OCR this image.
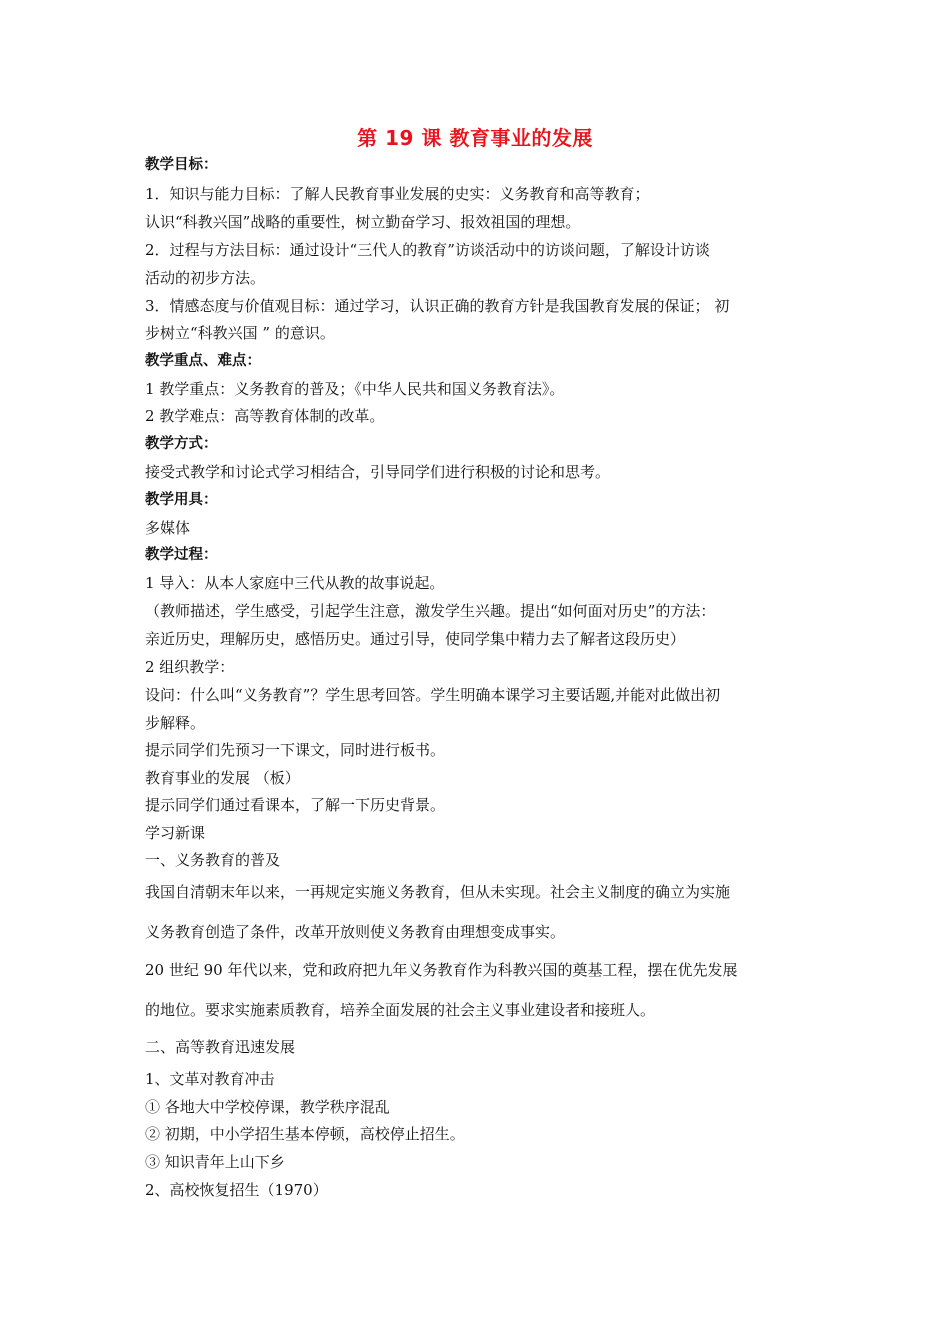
第 19 课 教育事业的发展
教学目标：
1．知识与能力目标：了解人民教育事业发展的史实：义务教育和高等教育；
认识“科教兴国”战略的重要性，树立勤奋学习、报效祖国的理想。
2．过程与方法目标：通过设计“三代人的教育”访谈活动中的访谈问题，了解设计访谈
活动的初步方法。
3．情感态度与价值观目标：通过学习，认识正确的教育方针是我国教育发展的保证； 初
步树立“科教兴国 ” 的意识。
教学重点、难点：
1 教学重点：义务教育的普及；《中华人民共和国义务教育法》。
2 教学难点：高等教育体制的改革。
教学方式：
接受式教学和讨论式学习相结合，引导同学们进行积极的讨论和思考。
教学用具：
多媒体
教学过程：
1 导入：从本人家庭中三代从教的故事说起。
（教师描述，学生感受，引起学生注意，激发学生兴趣。提出“如何面对历史”的方法：
亲近历史，理解历史，感悟历史。通过引导，使同学集中精力去了解者这段历史）
2 组织教学：
设问：什么叫“义务教育”？学生思考回答。学生明确本课学习主要话题,并能对此做出初
步解释。
提示同学们先预习一下课文，同时进行板书。
教育事业的发展 （板）
提示同学们通过看课本，了解一下历史背景。
学习新课
一、义务教育的普及
我国自清朝末年以来，一再规定实施义务教育，但从未实现。社会主义制度的确立为实施
义务教育创造了条件，改革开放则使义务教育由理想变成事实。
20 世纪 90 年代以来，党和政府把九年义务教育作为科教兴国的奠基工程，摆在优先发展
的地位。要求实施素质教育，培养全面发展的社会主义事业建设者和接班人。
二、高等教育迅速发展
1、文革对教育冲击
① 各地大中学校停课，教学秩序混乱
② 初期，中小学招生基本停顿，高校停止招生。
③ 知识青年上山下乡
2、高校恢复招生（1970）
